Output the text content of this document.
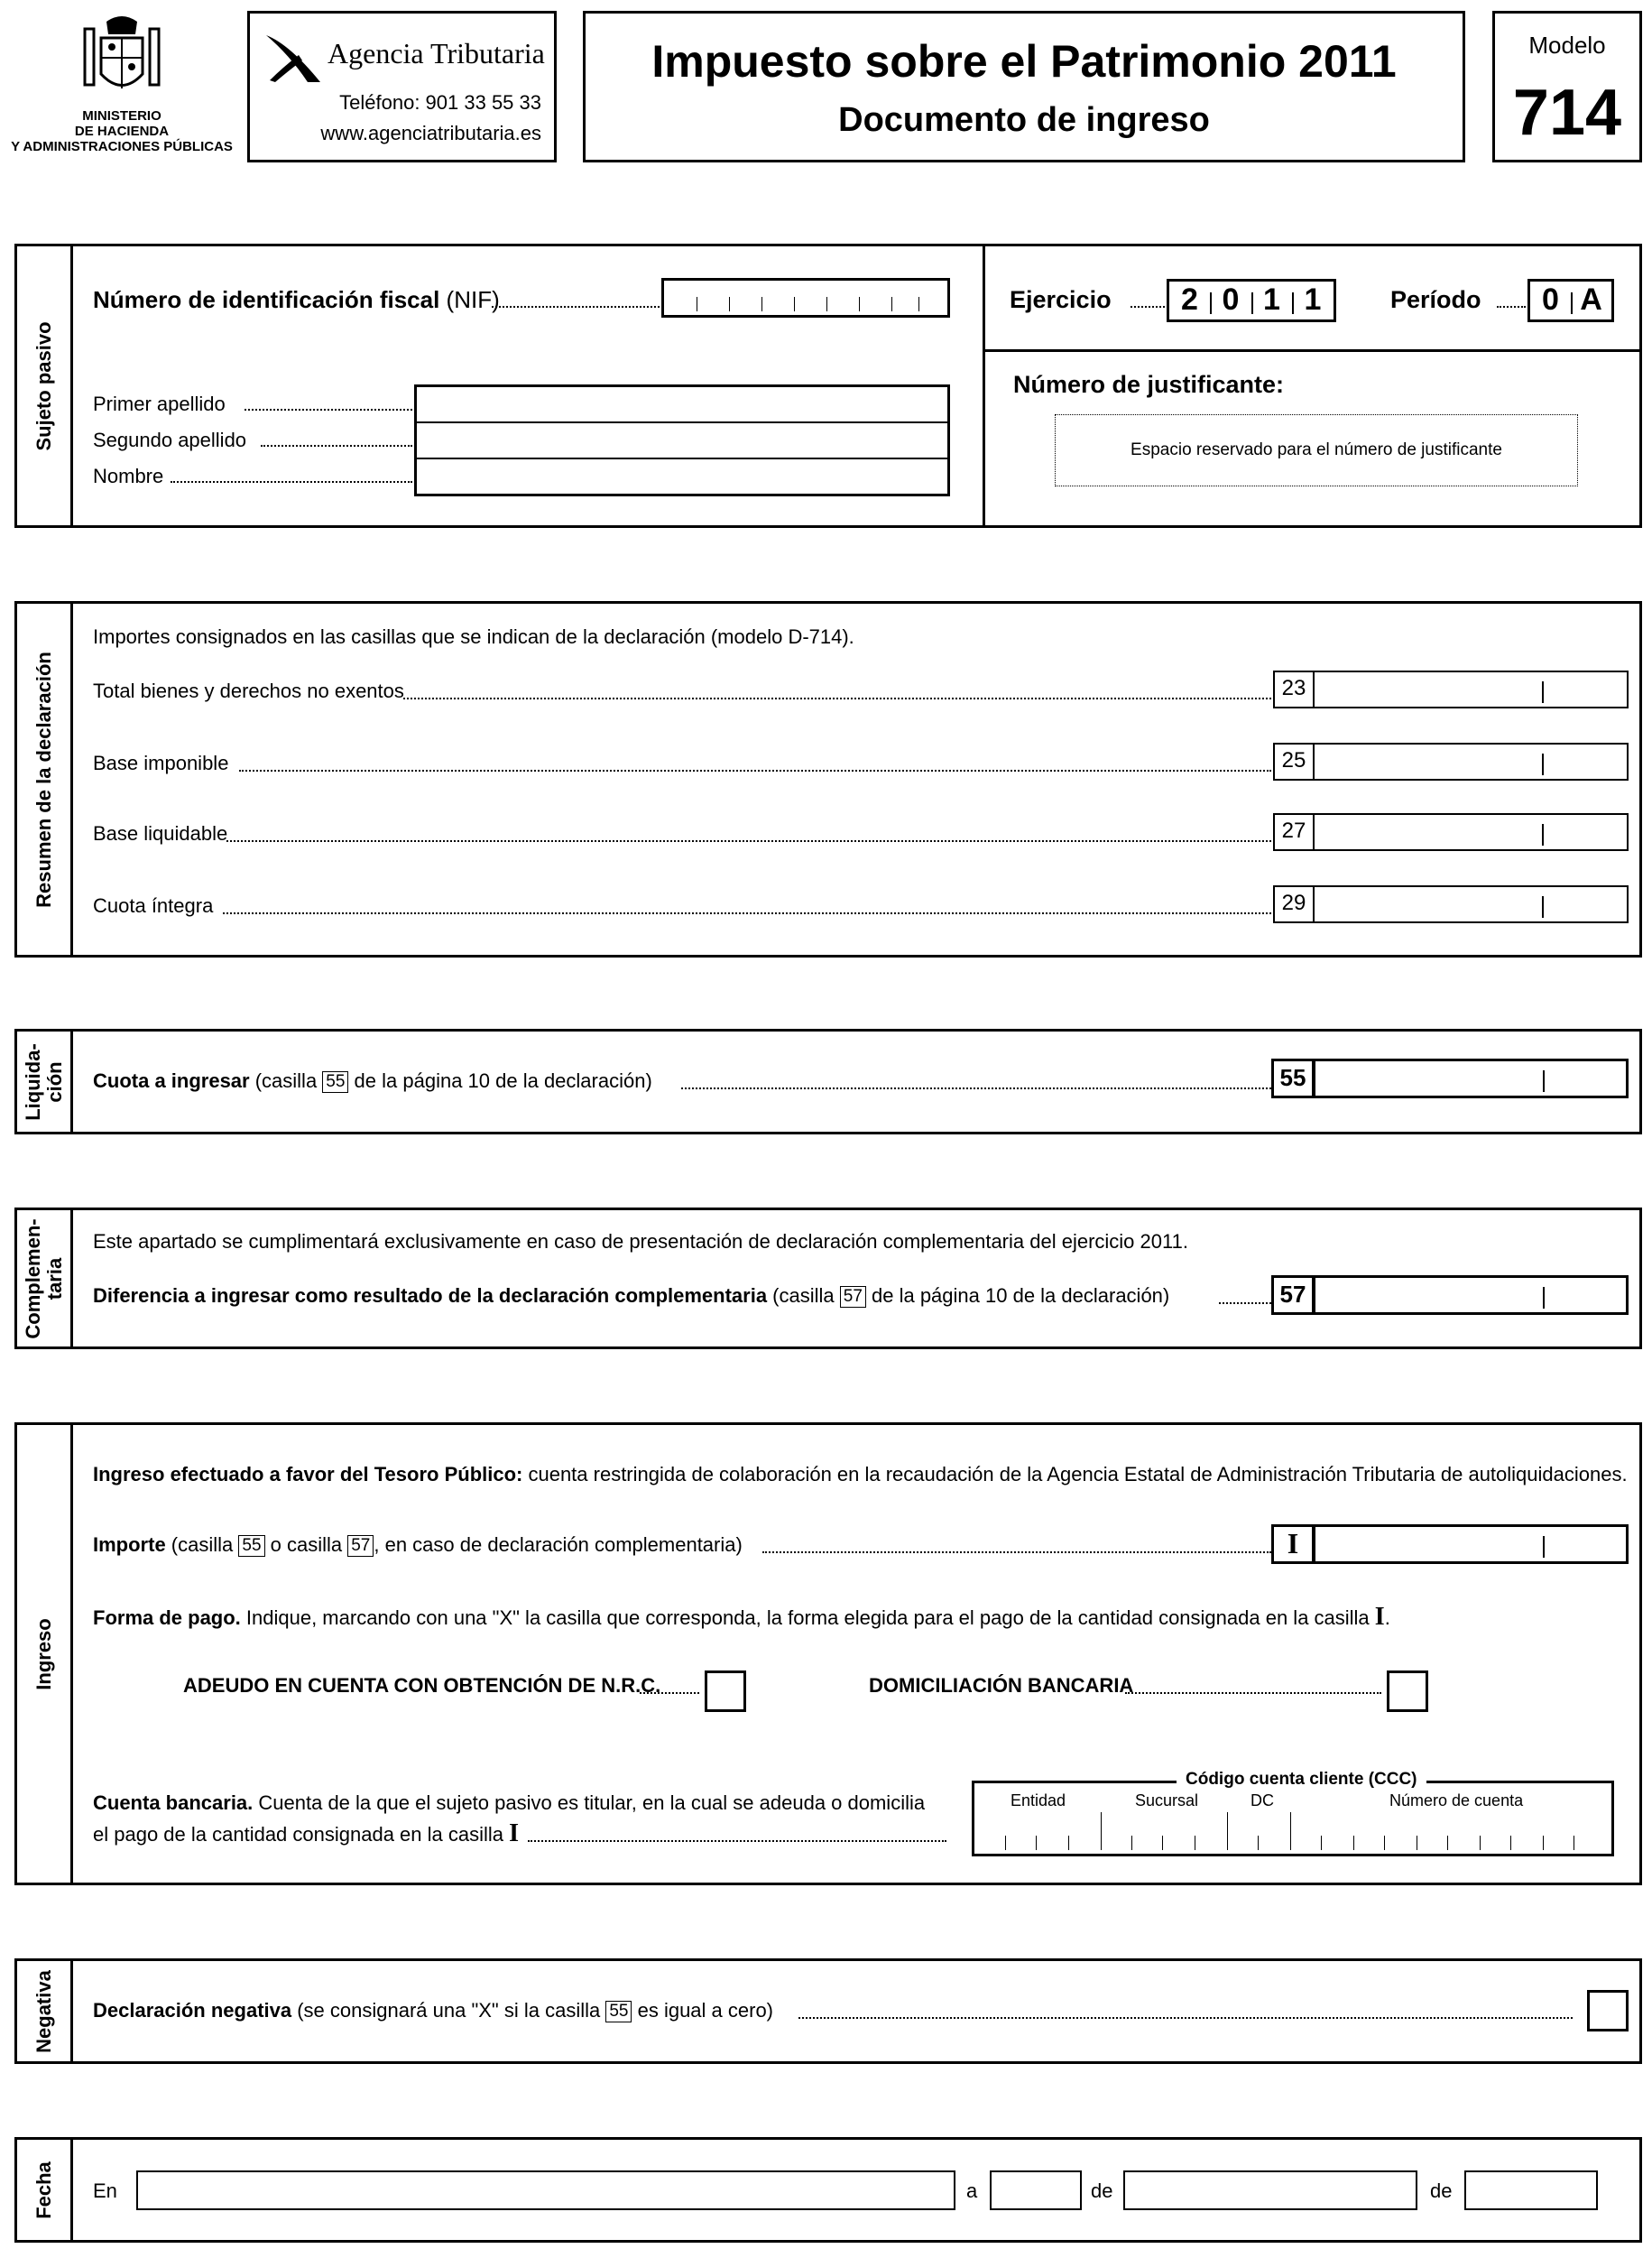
MINISTERIO
DE HACIENDA
Y ADMINISTRACIONES PÚBLICAS
Agencia Tributaria
Teléfono: 901 33 55 33
www.agenciatributaria.es
Impuesto sobre el Patrimonio 2011
Documento de ingreso
Modelo
714
Sujeto pasivo
Número de identificación fiscal (NIF)
Primer apellido
Segundo apellido
Nombre
Ejercicio	2 0 1 1	Período	0 A
Número de justificante:
Espacio reservado para el número de justificante
Resumen de la declaración
Importes consignados en las casillas que se indican de la declaración (modelo D-714).
Total bienes y derechos no exentos	23
Base imponible	25
Base liquidable	27
Cuota íntegra	29
Liquida- ción Cuota a ingresar (casilla 55 de la página 10 de la declaración)	55
Complemen- taria
Este apartado se cumplimentará exclusivamente en caso de presentación de declaración complementaria del ejercicio 2011.
Diferencia a ingresar como resultado de la declaración complementaria (casilla 57 de la página 10 de la declaración)	57
Ingreso
Ingreso efectuado a favor del Tesoro Público: cuenta restringida de colaboración en la recaudación de la Agencia Estatal de Administración Tributaria de autoliquidaciones.
Importe (casilla 55 o casilla 57 , en caso de declaración complementaria)	I
Forma de pago. Indique, marcando con una "X" la casilla que corresponda, la forma elegida para el pago de la cantidad consignada en la casilla I.
ADEUDO EN CUENTA CON OBTENCIÓN DE N.R.C.	DOMICILIACIÓN BANCARIA
Cuenta bancaria. Cuenta de la que el sujeto pasivo es titular, en la cual se adeuda o domicilia
el pago de la cantidad consignada en la casilla I
Código cuenta cliente (CCC)
Entidad	Sucursal	DC	Número de cuenta
Negativa Declaración negativa (se consignará una "X" si la casilla 55 es igual a cero)
Fecha En	a	de	de
